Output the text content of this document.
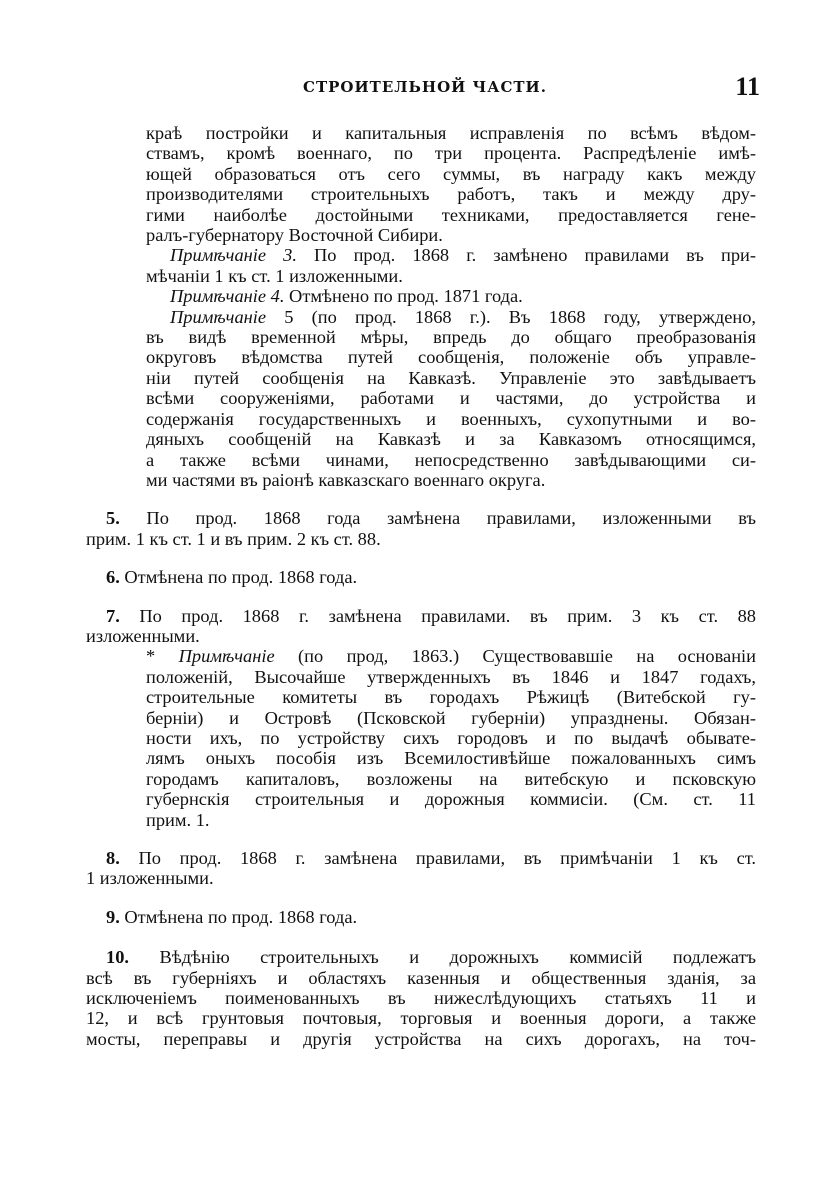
СТРОИТЕЛЬНОЙ ЧАСТИ.	11
краѣ постройки и капитальныя исправленія по всѣмъ вѣдом-
ствамъ, кромѣ военнаго, по три процента. Распредѣленіе имѣ-
ющей образоваться отъ сего суммы, въ награду какъ между
производителями строительныхъ работъ, такъ и между дру-
гими наиболѣе достойными техниками, предоставляется гене-
ралъ-губернатору Восточной Сибири.
Примѣчаніе 3. По прод. 1868 г. замѣнено правилами въ при-
мѣчаніи 1 къ ст. 1 изложенными.
Примѣчаніе 4. Отмѣнено по прод. 1871 года.
Примѣчаніе 5 (по прод. 1868 г.). Въ 1868 году, утверждено,
въ видѣ временной мѣры, впредь до общаго преобразованія
округовъ вѣдомства путей сообщенія, положеніе объ управле-
ніи путей сообщенія на Кавказѣ. Управленіе это завѣдываетъ
всѣми сооруженіями, работами и частями, до устройства и
содержанія государственныхъ и военныхъ, сухопутными и во-
дяныхъ сообщеній на Кавказѣ и за Кавказомъ относящимся,
а также всѣми чинами, непосредственно завѣдывающими си-
ми частями въ раіонѣ кавказскаго военнаго округа.
5. По прод. 1868 года замѣнена правилами, изложенными въ
прим. 1 къ ст. 1 и въ прим. 2 къ ст. 88.
6. Отмѣнена по прод. 1868 года.
7. По прод. 1868 г. замѣнена правилами. въ прим. 3 къ ст. 88
изложенными.
* Примѣчаніе (по прод, 1863.) Существовавшіе на основаніи
положеній, Высочайше утвержденныхъ въ 1846 и 1847 годахъ,
строительные комитеты въ городахъ Рѣжицѣ (Витебской гу-
берніи) и Островѣ (Псковской губерніи) упразднены. Обязан-
ности ихъ, по устройству сихъ городовъ и по выдачѣ обывате-
лямъ оныхъ пособія изъ Всемилостивѣйше пожалованныхъ симъ
городамъ капиталовъ, возложены на витебскую и псковскую
губернскія строительныя и дорожныя коммисіи. (См. ст. 11
прим. 1.
8. По прод. 1868 г. замѣнена правилами, въ примѣчаніи 1 къ ст.
1 изложенными.
9. Отмѣнена по прод. 1868 года.
10. Вѣдѣнію строительныхъ и дорожныхъ коммисій подлежатъ
всѣ въ губерніяхъ и областяхъ казенныя и общественныя зданія, за
исключеніемъ поименованныхъ въ нижеслѣдующихъ статьяхъ 11 и
12, и всѣ грунтовыя почтовыя, торговыя и военныя дороги, а также
мосты, переправы и другія устройства на сихъ дорогахъ, на точ-
